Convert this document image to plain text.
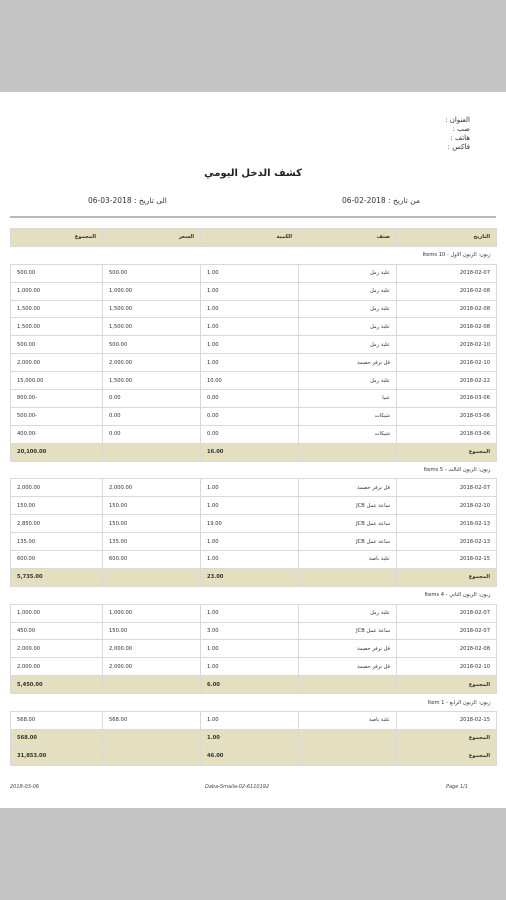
العنوان :
صب :
هاتف :
فاكس :
كشف الدخل اليومي
من تاريخ : 2018-02-06
الى تاريخ : 2018-03-06
التاريخ	صنف	الكمية	السعر	المجموع
زبون: الزبون الاول - Items 10				
2018-02-07	علبة رمل	1.00	500.00	500.00
2018-02-08	علبة رمل	1.00	1,000.00	1,000.00
2018-02-08	علبة رمل	1.00	1,500.00	1,500.00
2018-02-08	علبة رمل	1.00	1,500.00	1,500.00
2018-02-10	علبة رمل	1.00	500.00	500.00
2018-02-10	قل نرفر حصمة	1.00	2,000.00	2,000.00
2018-02-22	علبة رمل	10.00	1,500.00	15,000.00
2018-03-06	عبيا	0.00	0.00	-800.00
2018-03-06	شيكات	0.00	0.00	-500.00
2018-03-06	شيكات	0.00	0.00	-400.00
المجموع		16.00		20,100.00
زبون: الزبون الثالث - Items 5				
2018-02-07	قل نرفر حصمة	1.00	2,000.00	2,000.00
2018-02-10	ساعة عمل JCB	1.00	150.00	150.00
2018-02-13	ساعة عمل JCB	19.00	150.00	2,850.00
2018-02-13	ساعة عمل JCB	1.00	135.00	135.00
2018-02-15	علبة باصة	1.00	600.00	600.00
المجموع		23.00		5,735.00
زبون: الزبون الثاني - Items 4				
2018-02-07	علبة رمل	1.00	1,000.00	1,000.00
2018-02-07	ساعة عمل JCB	3.00	150.00	450.00
2018-02-08	قل نرفر حصمة	1.00	2,000.00	2,000.00
2018-02-10	قل نرفر حصمة	1.00	2,000.00	2,000.00
المجموع		6.00		5,450.00
زبون: الزبون الرابع - Item 1				
2018-02-15	علبة باصة	1.00	568.00	568.00
المجموع		1.00		568.00
المجموع		46.00		31,853.00
2018-03-06	Daba-Smaila-02-6110192	Page 1/1
